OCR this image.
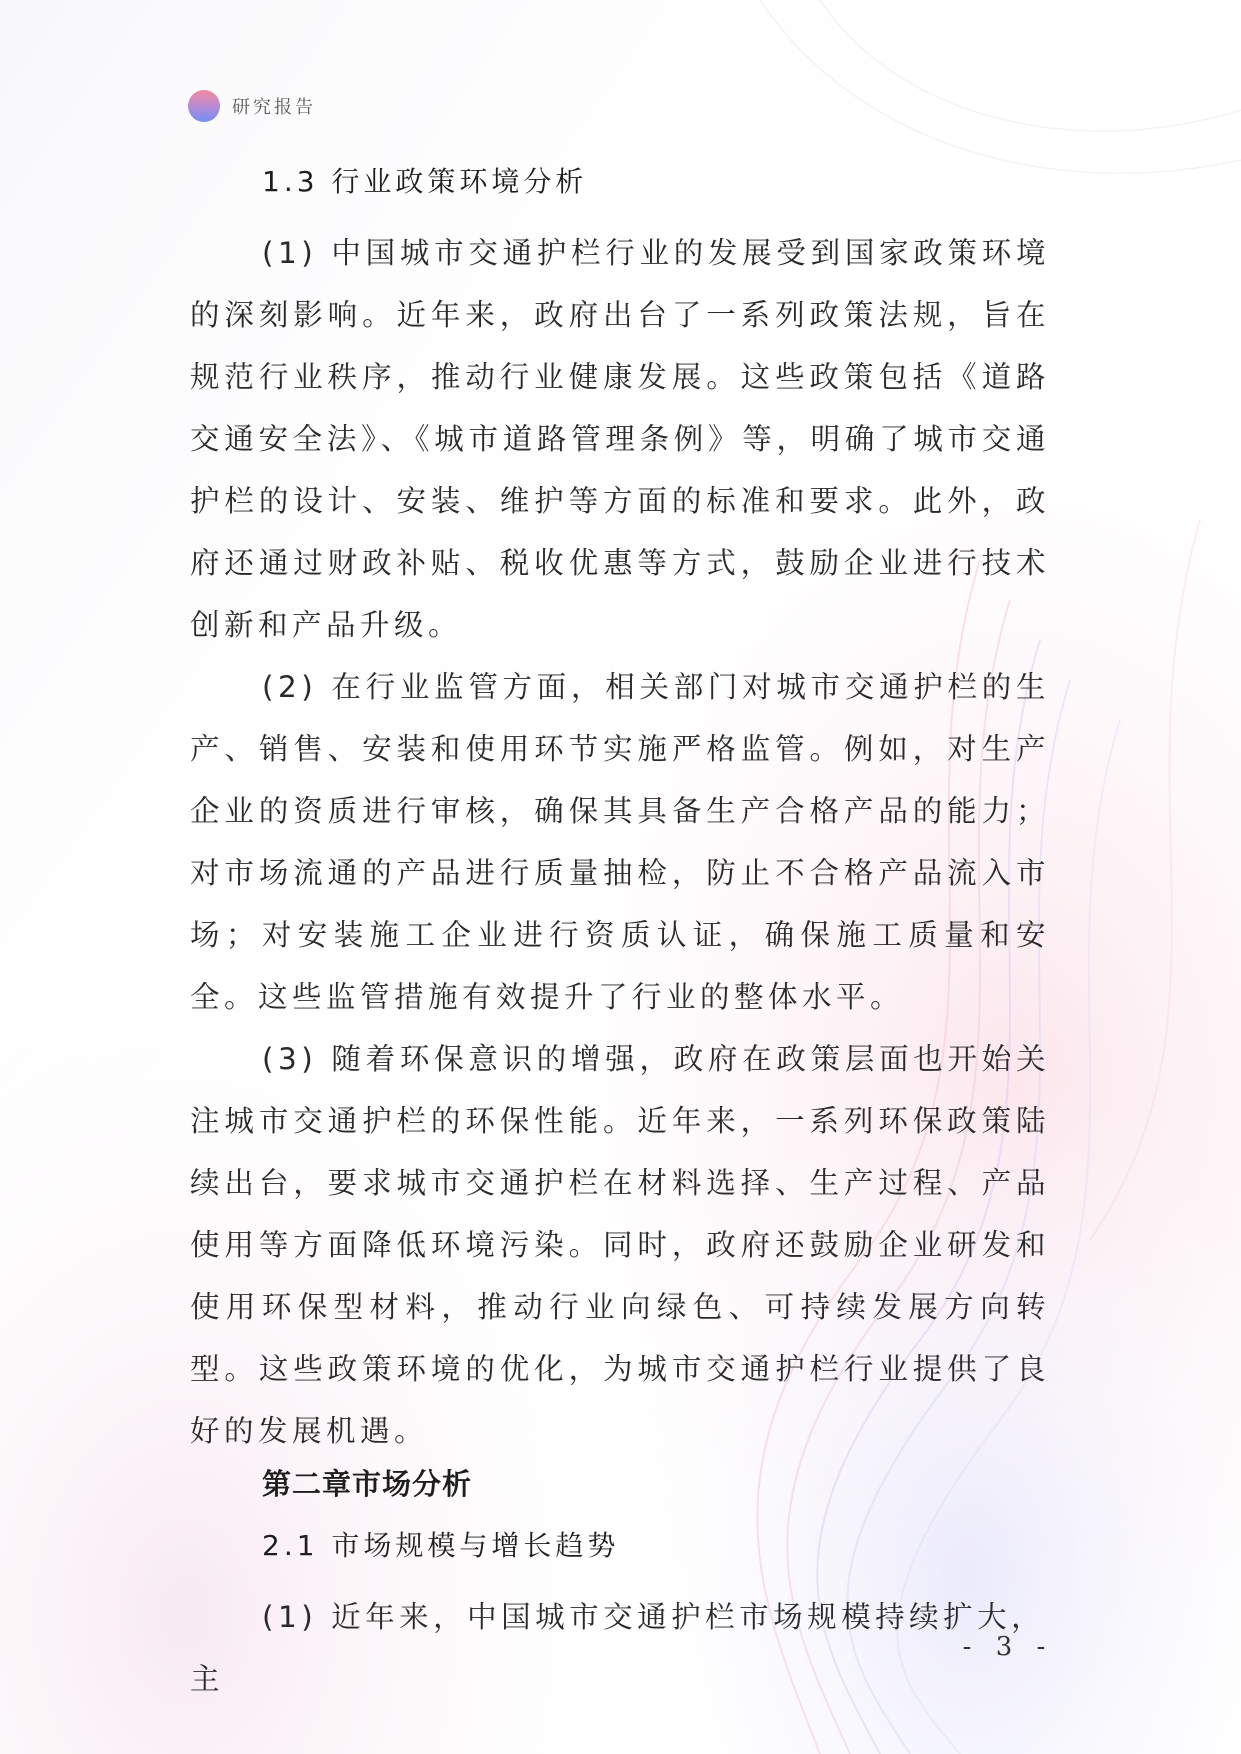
研究报告
1.3 行业政策环境分析

(1) 中国城市交通护栏行业的发展受到国家政策环境的深刻影响。近年来，政府出台了一系列政策法规，旨在规范行业秩序，推动行业健康发展。这些政策包括《道路交通安全法》、《城市道路管理条例》等，明确了城市交通护栏的设计、安装、维护等方面的标准和要求。此外，政府还通过财政补贴、税收优惠等方式，鼓励企业进行技术创新和产品升级。

(2) 在行业监管方面，相关部门对城市交通护栏的生产、销售、安装和使用环节实施严格监管。例如，对生产企业的资质进行审核，确保其具备生产合格产品的能力；对市场流通的产品进行质量抽检，防止不合格产品流入市场；对安装施工企业进行资质认证，确保施工质量和安全。这些监管措施有效提升了行业的整体水平。

(3) 随着环保意识的增强，政府在政策层面也开始关注城市交通护栏的环保性能。近年来，一系列环保政策陆续出台，要求城市交通护栏在材料选择、生产过程、产品使用等方面降低环境污染。同时，政府还鼓励企业研发和使用环保型材料，推动行业向绿色、可持续发展方向转型。这些政策环境的优化，为城市交通护栏行业提供了良好的发展机遇。

第二章市场分析
2.1 市场规模与增长趋势

(1) 近年来，中国城市交通护栏市场规模持续扩大，主

- 3 -
